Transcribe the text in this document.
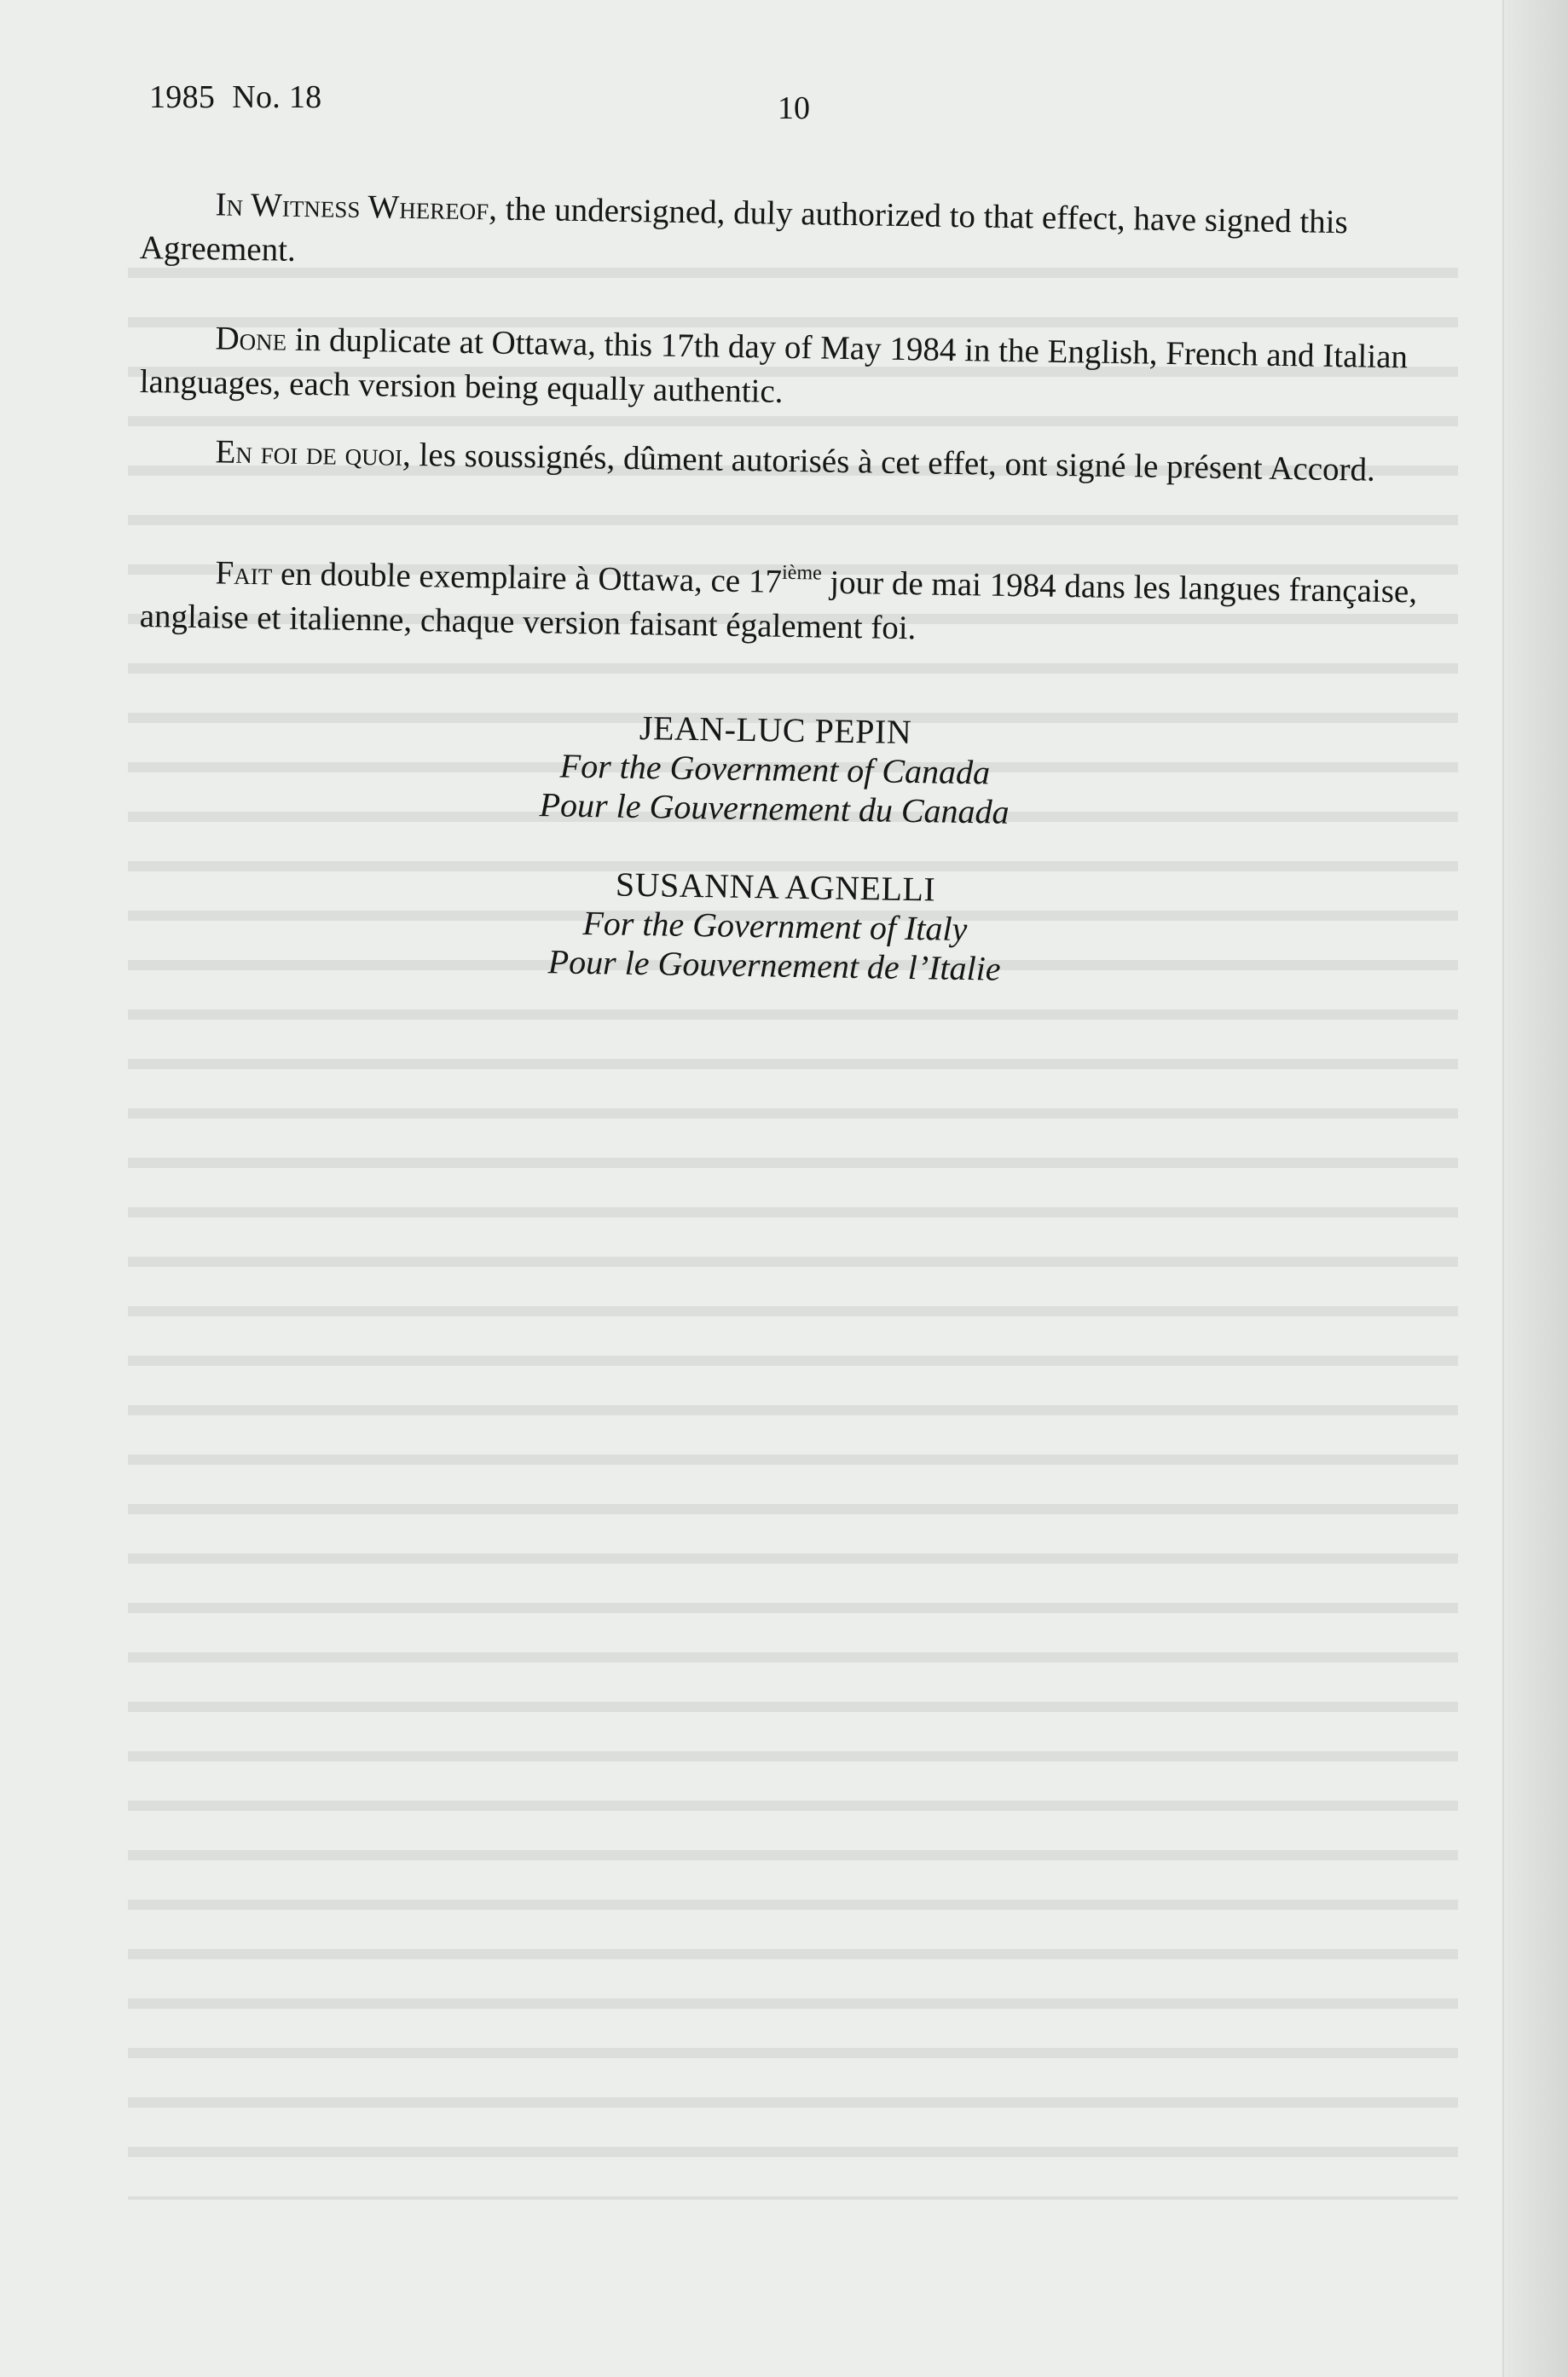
1985 No. 18	10
In Witness Whereof, the undersigned, duly authorized to that effect, have signed this Agreement.
Done in duplicate at Ottawa, this 17th day of May 1984 in the English, French and Italian languages, each version being equally authentic.
En foi de quoi, les soussignés, dûment autorisés à cet effet, ont signé le présent Accord.
Fait en double exemplaire à Ottawa, ce 17ième jour de mai 1984 dans les langues française, anglaise et italienne, chaque version faisant également foi.
JEAN-LUC PEPIN
For the Government of Canada
Pour le Gouvernement du Canada
SUSANNA AGNELLI
For the Government of Italy
Pour le Gouvernement de l’Italie
